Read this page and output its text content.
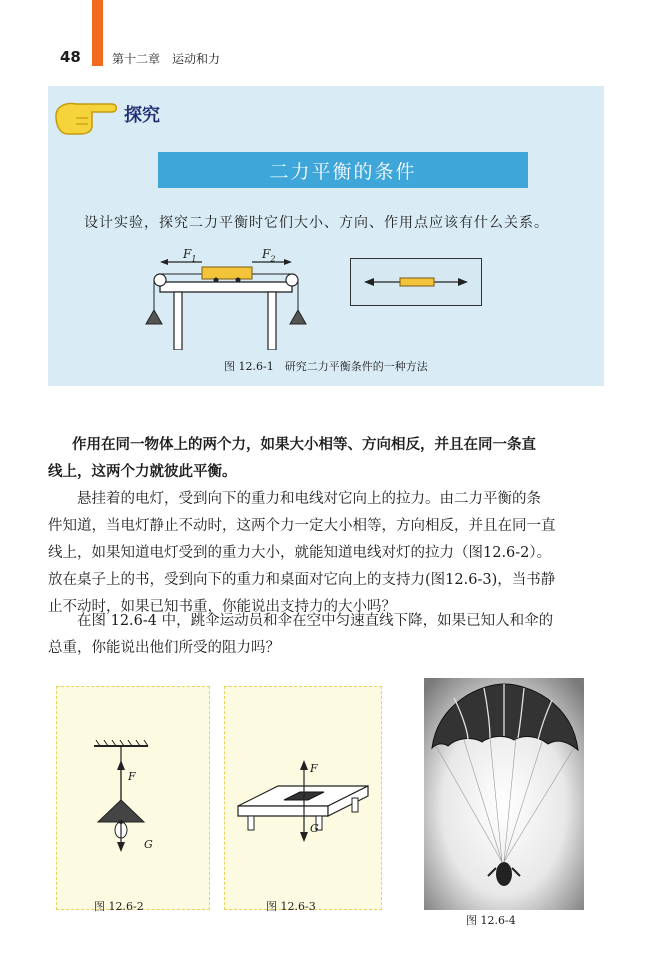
48	第十二章　运动和力
探究
二力平衡的条件
设计实验，探究二力平衡时它们大小、方向、作用点应该有什么关系。
$F_1$	$F_2$
图 12.6-1　研究二力平衡条件的一种方法
作用在同一物体上的两个力，如果大小相等、方向相反，并且在同一条直
线上，这两个力就彼此平衡。
　　悬挂着的电灯，受到向下的重力和电线对它向上的拉力。由二力平衡的条
件知道，当电灯静止不动时，这两个力一定大小相等，方向相反，并且在同一直
线上，如果知道电灯受到的重力大小，就能知道电线对灯的拉力（图12.6-2）。
放在桌子上的书，受到向下的重力和桌面对它向上的支持力(图12.6-3)，当书静
止不动时，如果已知书重，你能说出支持力的大小吗？
　　在图 12.6-4 中，跳伞运动员和伞在空中匀速直线下降，如果已知人和伞的
总重，你能说出他们所受的阻力吗？
F
G
图 12.6-2
F
G
图 12.6-3
图 12.6-4
